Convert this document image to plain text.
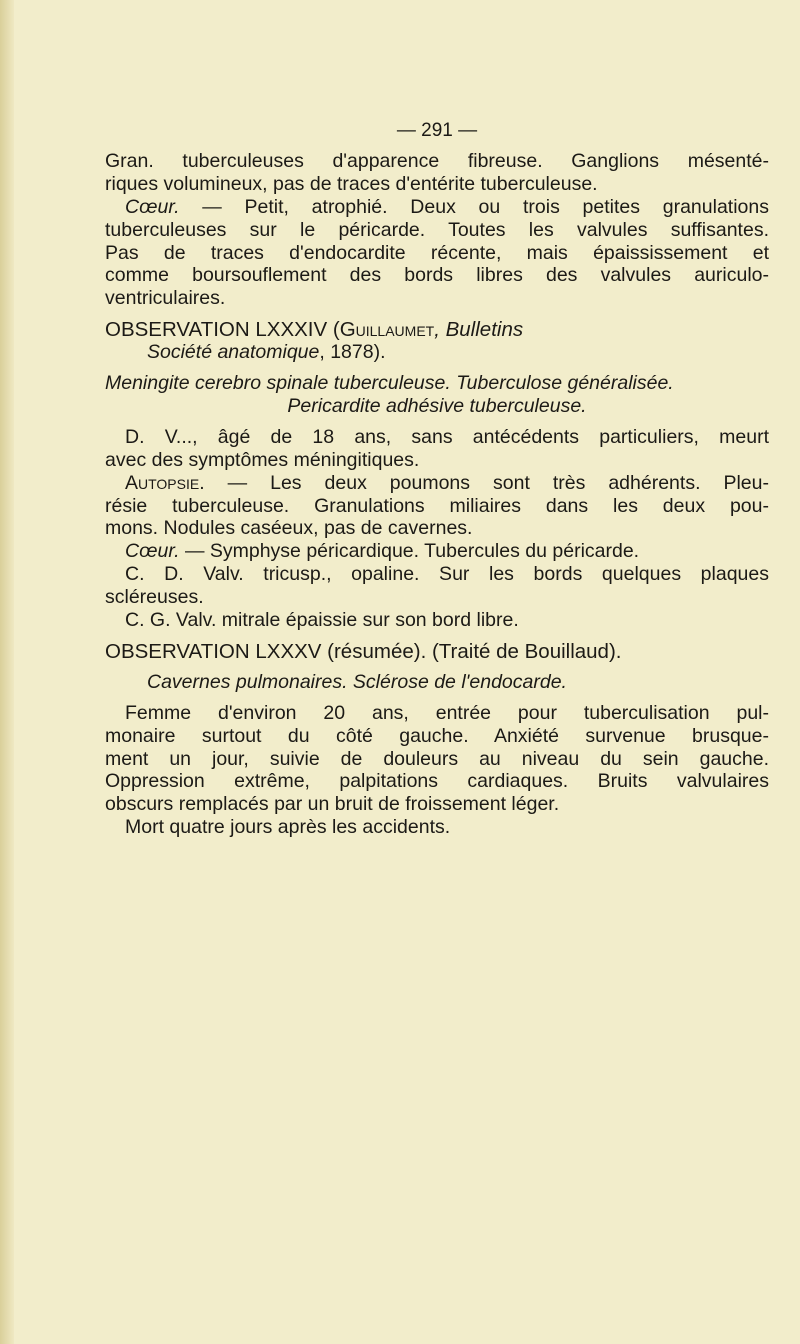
— 291 —
Gran. tuberculeuses d'apparence fibreuse. Ganglions mésenté-
riques volumineux, pas de traces d'entérite tuberculeuse.
Cœur. — Petit, atrophié. Deux ou trois petites granulations
tuberculeuses sur le péricarde. Toutes les valvules suffisantes.
Pas de traces d'endocardite récente, mais épaississement et
comme boursouflement des bords libres des valvules auriculo-
ventriculaires.
OBSERVATION LXXXIV (Guillaumet, Bulletins
Société anatomique, 1878).
Meningite cerebro spinale tuberculeuse. Tuberculose généralisée.
Pericardite adhésive tuberculeuse.
D. V..., âgé de 18 ans, sans antécédents particuliers, meurt
avec des symptômes méningitiques.
Autopsie. — Les deux poumons sont très adhérents. Pleu-
résie tuberculeuse. Granulations miliaires dans les deux pou-
mons. Nodules caséeux, pas de cavernes.
Cœur. — Symphyse péricardique. Tubercules du péricarde.
C. D. Valv. tricusp., opaline. Sur les bords quelques plaques
scléreuses.
C. G. Valv. mitrale épaissie sur son bord libre.
OBSERVATION LXXXV (résumée). (Traité de Bouillaud).
Cavernes pulmonaires. Sclérose de l'endocarde.
Femme d'environ 20 ans, entrée pour tuberculisation pul-
monaire surtout du côté gauche. Anxiété survenue brusque-
ment un jour, suivie de douleurs au niveau du sein gauche.
Oppression extrême, palpitations cardiaques. Bruits valvulaires
obscurs remplacés par un bruit de froissement léger.
Mort quatre jours après les accidents.
